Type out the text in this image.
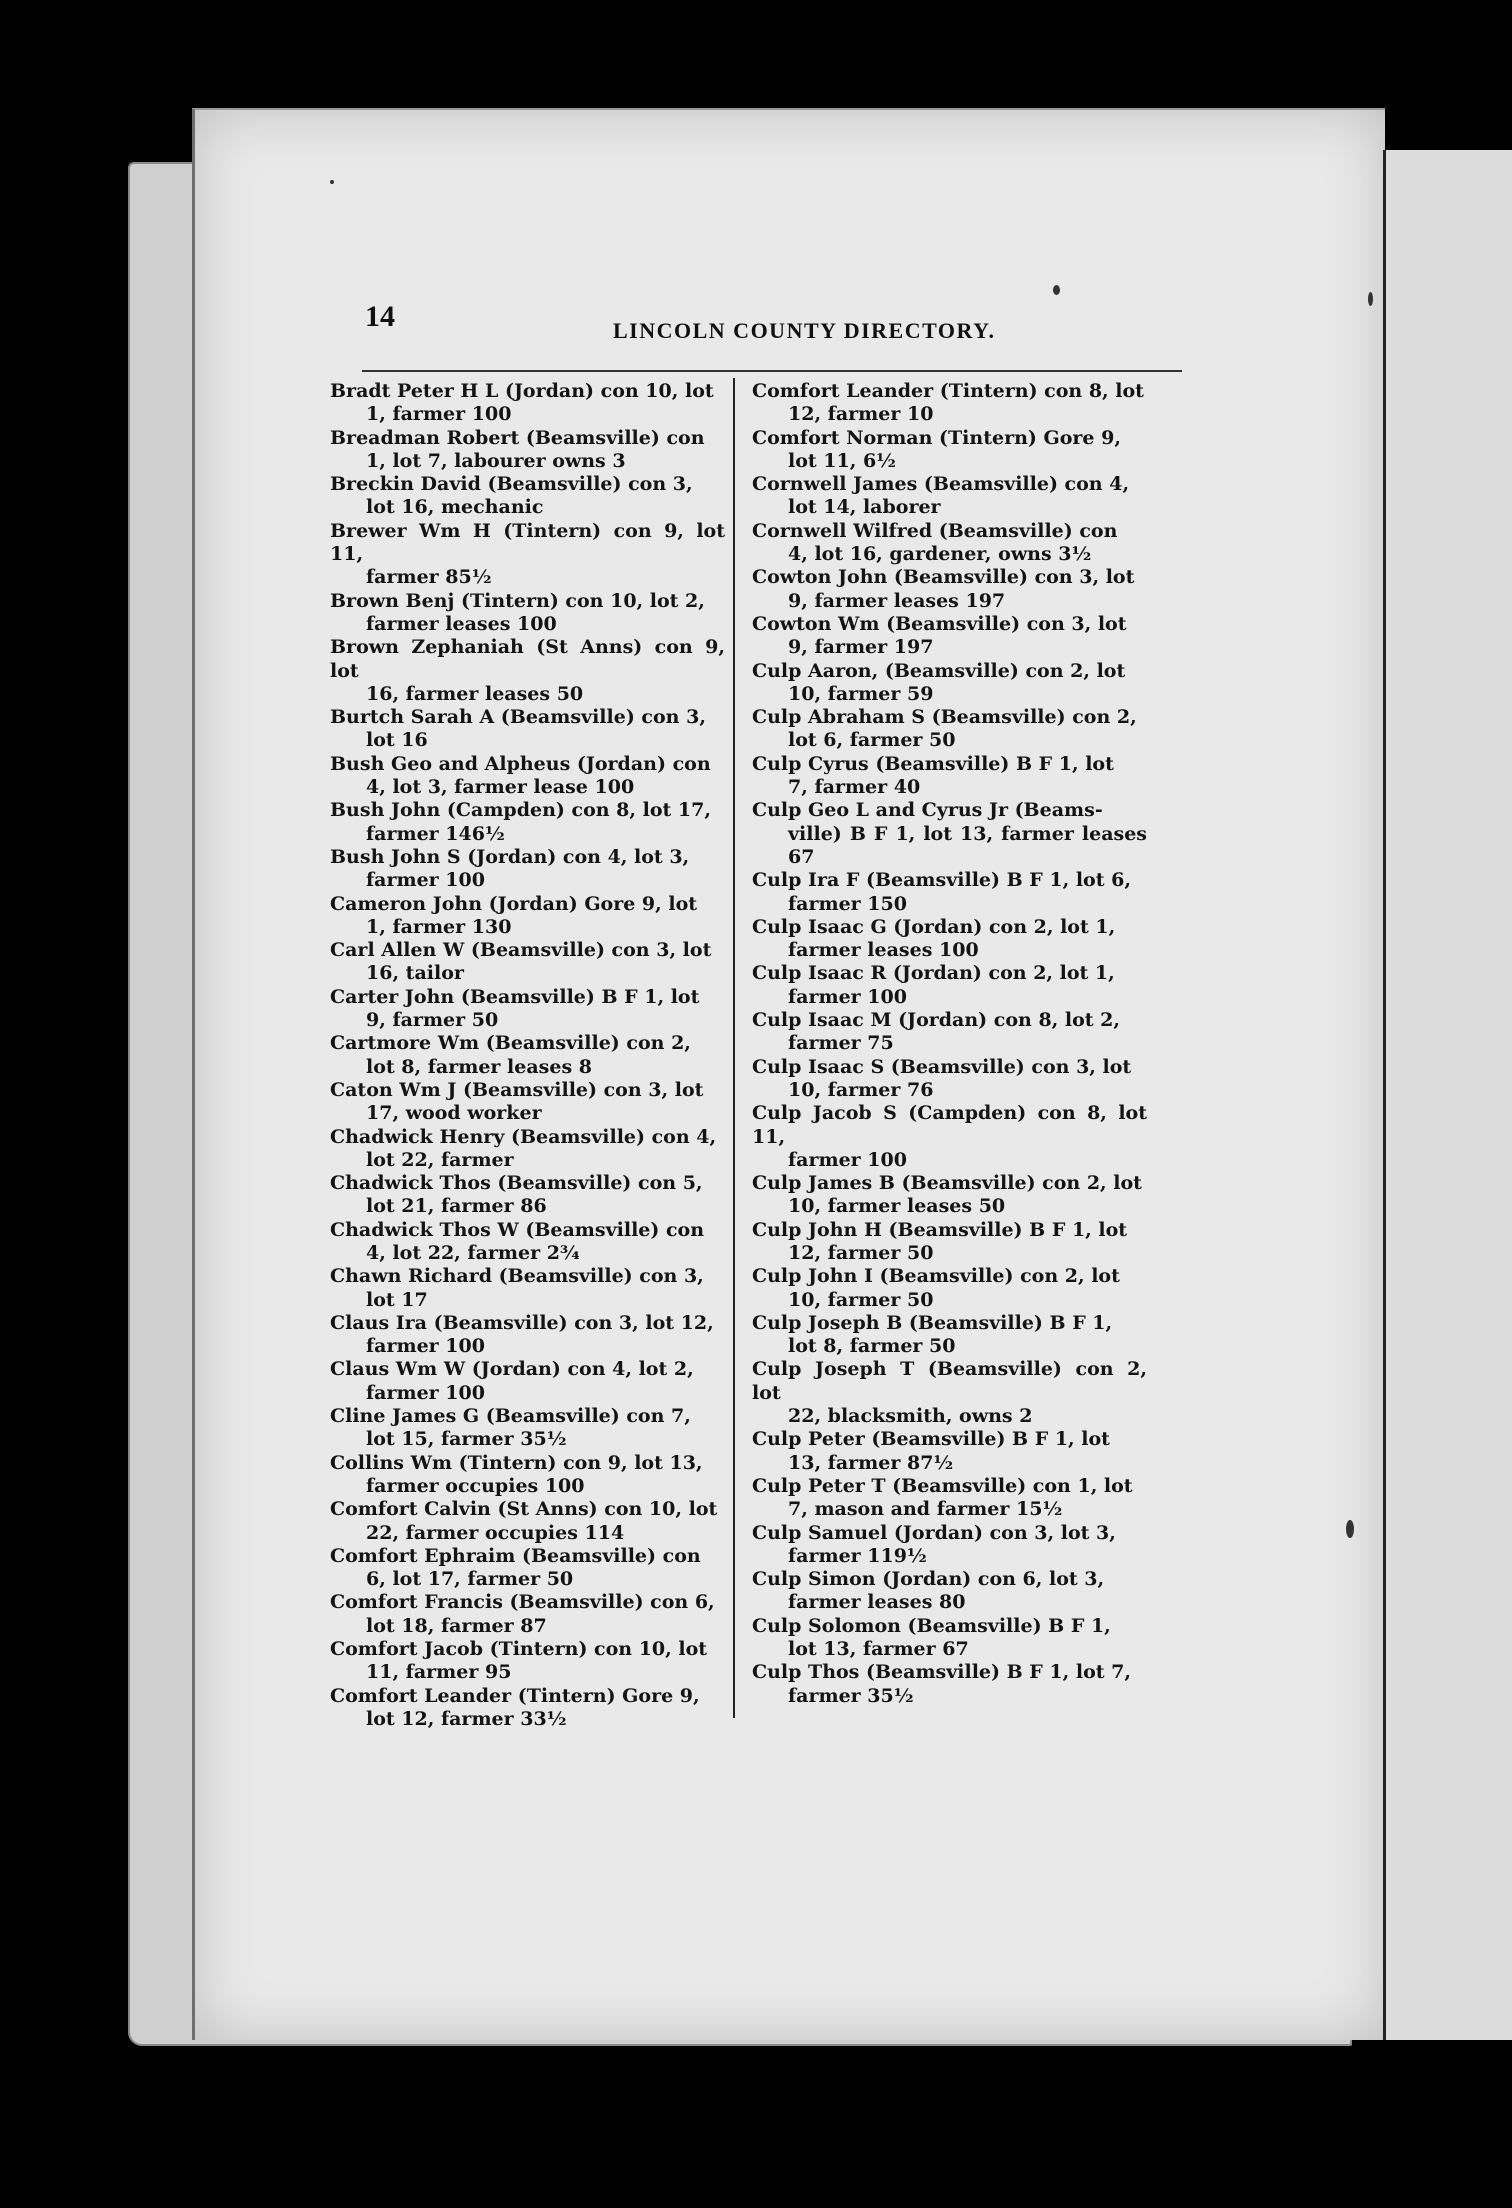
14	LINCOLN COUNTY DIRECTORY.
Bradt Peter H L (Jordan) con 10, lot
1, farmer 100
Breadman Robert (Beamsville) con
1, lot 7, labourer owns 3
Breckin David (Beamsville) con 3,
lot 16, mechanic
Brewer Wm H (Tintern) con 9, lot 11,
farmer 85½
Brown Benj (Tintern) con 10, lot 2,
farmer leases 100
Brown Zephaniah (St Anns) con 9, lot
16, farmer leases 50
Burtch Sarah A (Beamsville) con 3,
lot 16
Bush Geo and Alpheus (Jordan) con
4, lot 3, farmer lease 100
Bush John (Campden) con 8, lot 17,
farmer 146½
Bush John S (Jordan) con 4, lot 3,
farmer 100
Cameron John (Jordan) Gore 9, lot
1, farmer 130
Carl Allen W (Beamsville) con 3, lot
16, tailor
Carter John (Beamsville) B F 1, lot
9, farmer 50
Cartmore Wm (Beamsville) con 2,
lot 8, farmer leases 8
Caton Wm J (Beamsville) con 3, lot
17, wood worker
Chadwick Henry (Beamsville) con 4,
lot 22, farmer
Chadwick Thos (Beamsville) con 5,
lot 21, farmer 86
Chadwick Thos W (Beamsville) con
4, lot 22, farmer 2¾
Chawn Richard (Beamsville) con 3,
lot 17
Claus Ira (Beamsville) con 3, lot 12,
farmer 100
Claus Wm W (Jordan) con 4, lot 2,
farmer 100
Cline James G (Beamsville) con 7,
lot 15, farmer 35½
Collins Wm (Tintern) con 9, lot 13,
farmer occupies 100
Comfort Calvin (St Anns) con 10, lot
22, farmer occupies 114
Comfort Ephraim (Beamsville) con
6, lot 17, farmer 50
Comfort Francis (Beamsville) con 6,
lot 18, farmer 87
Comfort Jacob (Tintern) con 10, lot
11, farmer 95
Comfort Leander (Tintern) Gore 9,
lot 12, farmer 33½
Comfort Leander (Tintern) con 8, lot
12, farmer 10
Comfort Norman (Tintern) Gore 9,
lot 11, 6½
Cornwell James (Beamsville) con 4,
lot 14, laborer
Cornwell Wilfred (Beamsville) con
4, lot 16, gardener, owns 3½
Cowton John (Beamsville) con 3, lot
9, farmer leases 197
Cowton Wm (Beamsville) con 3, lot
9, farmer 197
Culp Aaron, (Beamsville) con 2, lot
10, farmer 59
Culp Abraham S (Beamsville) con 2,
lot 6, farmer 50
Culp Cyrus (Beamsville) B F 1, lot
7, farmer 40
Culp Geo L and Cyrus Jr (Beams-
ville) B F 1, lot 13, farmer leases 67
Culp Ira F (Beamsville) B F 1, lot 6,
farmer 150
Culp Isaac G (Jordan) con 2, lot 1,
farmer leases 100
Culp Isaac R (Jordan) con 2, lot 1,
farmer 100
Culp Isaac M (Jordan) con 8, lot 2,
farmer 75
Culp Isaac S (Beamsville) con 3, lot
10, farmer 76
Culp Jacob S (Campden) con 8, lot 11,
farmer 100
Culp James B (Beamsville) con 2, lot
10, farmer leases 50
Culp John H (Beamsville) B F 1, lot
12, farmer 50
Culp John I (Beamsville) con 2, lot
10, farmer 50
Culp Joseph B (Beamsville) B F 1,
lot 8, farmer 50
Culp Joseph T (Beamsville) con 2, lot
22, blacksmith, owns 2
Culp Peter (Beamsville) B F 1, lot
13, farmer 87½
Culp Peter T (Beamsville) con 1, lot
7, mason and farmer 15½
Culp Samuel (Jordan) con 3, lot 3,
farmer 119½
Culp Simon (Jordan) con 6, lot 3,
farmer leases 80
Culp Solomon (Beamsville) B F 1,
lot 13, farmer 67
Culp Thos (Beamsville) B F 1, lot 7,
farmer 35½
